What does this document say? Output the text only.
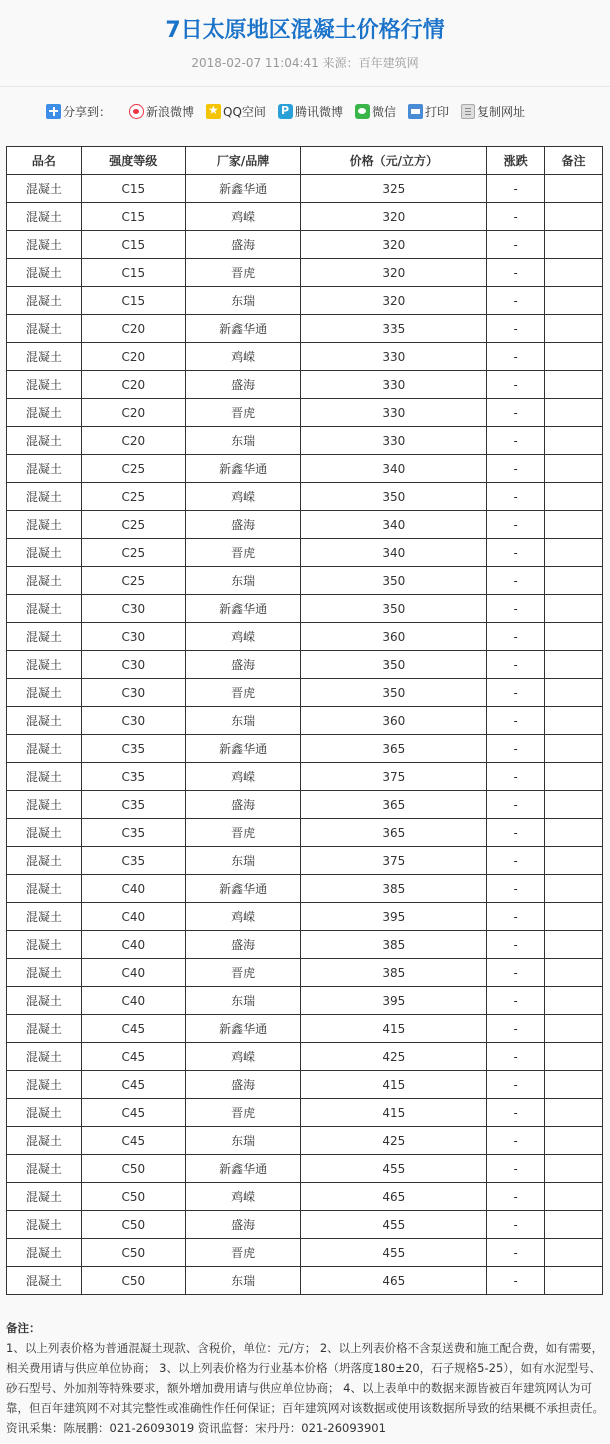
7日太原地区混凝土价格行情
2018-02-07 11:04:41 来源：百年建筑网
分享到：	新浪微博 ★ QQ空间 P 腾讯微博 微信 打印 复制网址
品名	强度等级	厂家/品牌	价格（元/立方）	涨跌	备注
混凝土	C15	新鑫华通	325	-	
混凝土	C15	鸡嵘	320	-	
混凝土	C15	盛海	320	-	
混凝土	C15	晋虎	320	-	
混凝土	C15	东瑞	320	-	
混凝土	C20	新鑫华通	335	-	
混凝土	C20	鸡嵘	330	-	
混凝土	C20	盛海	330	-	
混凝土	C20	晋虎	330	-	
混凝土	C20	东瑞	330	-	
混凝土	C25	新鑫华通	340	-	
混凝土	C25	鸡嵘	350	-	
混凝土	C25	盛海	340	-	
混凝土	C25	晋虎	340	-	
混凝土	C25	东瑞	350	-	
混凝土	C30	新鑫华通	350	-	
混凝土	C30	鸡嵘	360	-	
混凝土	C30	盛海	350	-	
混凝土	C30	晋虎	350	-	
混凝土	C30	东瑞	360	-	
混凝土	C35	新鑫华通	365	-	
混凝土	C35	鸡嵘	375	-	
混凝土	C35	盛海	365	-	
混凝土	C35	晋虎	365	-	
混凝土	C35	东瑞	375	-	
混凝土	C40	新鑫华通	385	-	
混凝土	C40	鸡嵘	395	-	
混凝土	C40	盛海	385	-	
混凝土	C40	晋虎	385	-	
混凝土	C40	东瑞	395	-	
混凝土	C45	新鑫华通	415	-	
混凝土	C45	鸡嵘	425	-	
混凝土	C45	盛海	415	-	
混凝土	C45	晋虎	415	-	
混凝土	C45	东瑞	425	-	
混凝土	C50	新鑫华通	455	-	
混凝土	C50	鸡嵘	465	-	
混凝土	C50	盛海	455	-	
混凝土	C50	晋虎	455	-	
混凝土	C50	东瑞	465	-	
备注：
1、以上列表价格为普通混凝土现款、含税价，单位：元/方； 2、以上列表价格不含泵送费和施工配合费，如有需要，相关费用请与供应单位协商； 3、以上列表价格为行业基本价格（坍落度180±20，石子规格5-25），如有水泥型号、砂石型号、外加剂等特殊要求，额外增加费用请与供应单位协商； 4、以上表单中的数据来源皆被百年建筑网认为可靠，但百年建筑网不对其完整性或准确性作任何保证；百年建筑网对该数据或使用该数据所导致的结果概不承担责任。 资讯采集：陈展鹏：021-26093019 资讯监督：宋丹丹：021-26093901
